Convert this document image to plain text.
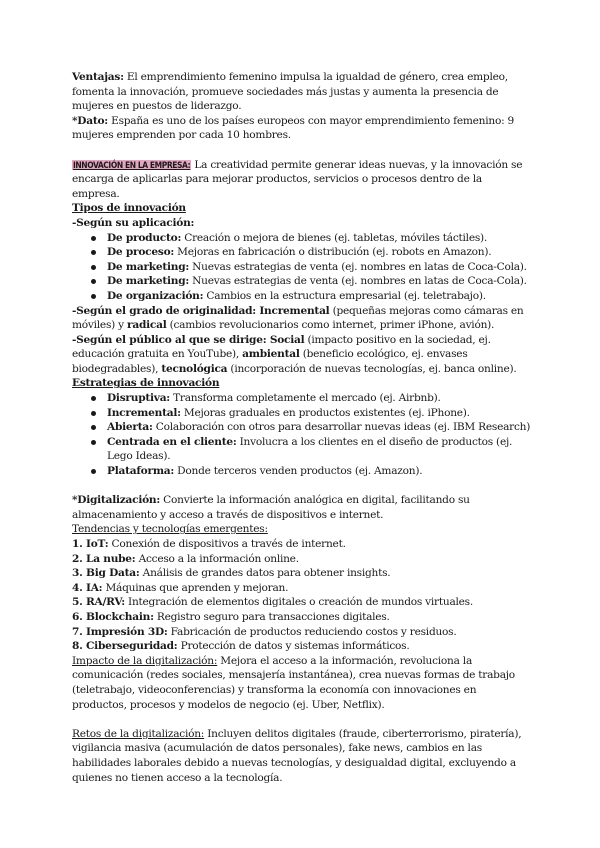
Ventajas: El emprendimiento femenino impulsa la igualdad de género, crea empleo, fomenta la innovación, promueve sociedades más justas y aumenta la presencia de mujeres en puestos de liderazgo.

*Dato: España es uno de los países europeos con mayor emprendimiento femenino: 9 mujeres emprenden por cada 10 hombres.

INNOVACIÓN EN LA EMPRESA: La creatividad permite generar ideas nuevas, y la innovación se encarga de aplicarlas para mejorar productos, servicios o procesos dentro de la empresa.

Tipos de innovación

-Según su aplicación:

De producto: Creación o mejora de bienes (ej. tabletas, móviles táctiles).
De proceso: Mejoras en fabricación o distribución (ej. robots en Amazon).
De marketing: Nuevas estrategias de venta (ej. nombres en latas de Coca-Cola).
De marketing: Nuevas estrategias de venta (ej. nombres en latas de Coca-Cola).
De organización: Cambios en la estructura empresarial (ej. teletrabajo).

-Según el grado de originalidad: Incremental (pequeñas mejoras como cámaras en móviles) y radical (cambios revolucionarios como internet, primer iPhone, avión).

-Según el público al que se dirige: Social (impacto positivo en la sociedad, ej. educación gratuita en YouTube), ambiental (beneficio ecológico, ej. envases biodegradables), tecnológica (incorporación de nuevas tecnologías, ej. banca online).

Estrategias de innovación

Disruptiva: Transforma completamente el mercado (ej. Airbnb).
Incremental: Mejoras graduales en productos existentes (ej. iPhone).
Abierta: Colaboración con otros para desarrollar nuevas ideas (ej. IBM Research)
Centrada en el cliente: Involucra a los clientes en el diseño de productos (ej. Lego Ideas).
Plataforma: Donde terceros venden productos (ej. Amazon).

*Digitalización: Convierte la información analógica en digital, facilitando su almacenamiento y acceso a través de dispositivos e internet.

Tendencias y tecnologías emergentes:

1. IoT: Conexión de dispositivos a través de internet.

2. La nube: Acceso a la información online.

3. Big Data: Análisis de grandes datos para obtener insights.

4. IA: Máquinas que aprenden y mejoran.

5. RA/RV: Integración de elementos digitales o creación de mundos virtuales.

6. Blockchain: Registro seguro para transacciones digitales.

7. Impresión 3D: Fabricación de productos reduciendo costos y residuos.

8. Ciberseguridad: Protección de datos y sistemas informáticos.

Impacto de la digitalización: Mejora el acceso a la información, revoluciona la comunicación (redes sociales, mensajería instantánea), crea nuevas formas de trabajo (teletrabajo, videoconferencias) y transforma la economía con innovaciones en productos, procesos y modelos de negocio (ej. Uber, Netflix).

Retos de la digitalización: Incluyen delitos digitales (fraude, ciberterrorismo, piratería), vigilancia masiva (acumulación de datos personales), fake news, cambios en las habilidades laborales debido a nuevas tecnologías, y desigualdad digital, excluyendo a quienes no tienen acceso a la tecnología.
